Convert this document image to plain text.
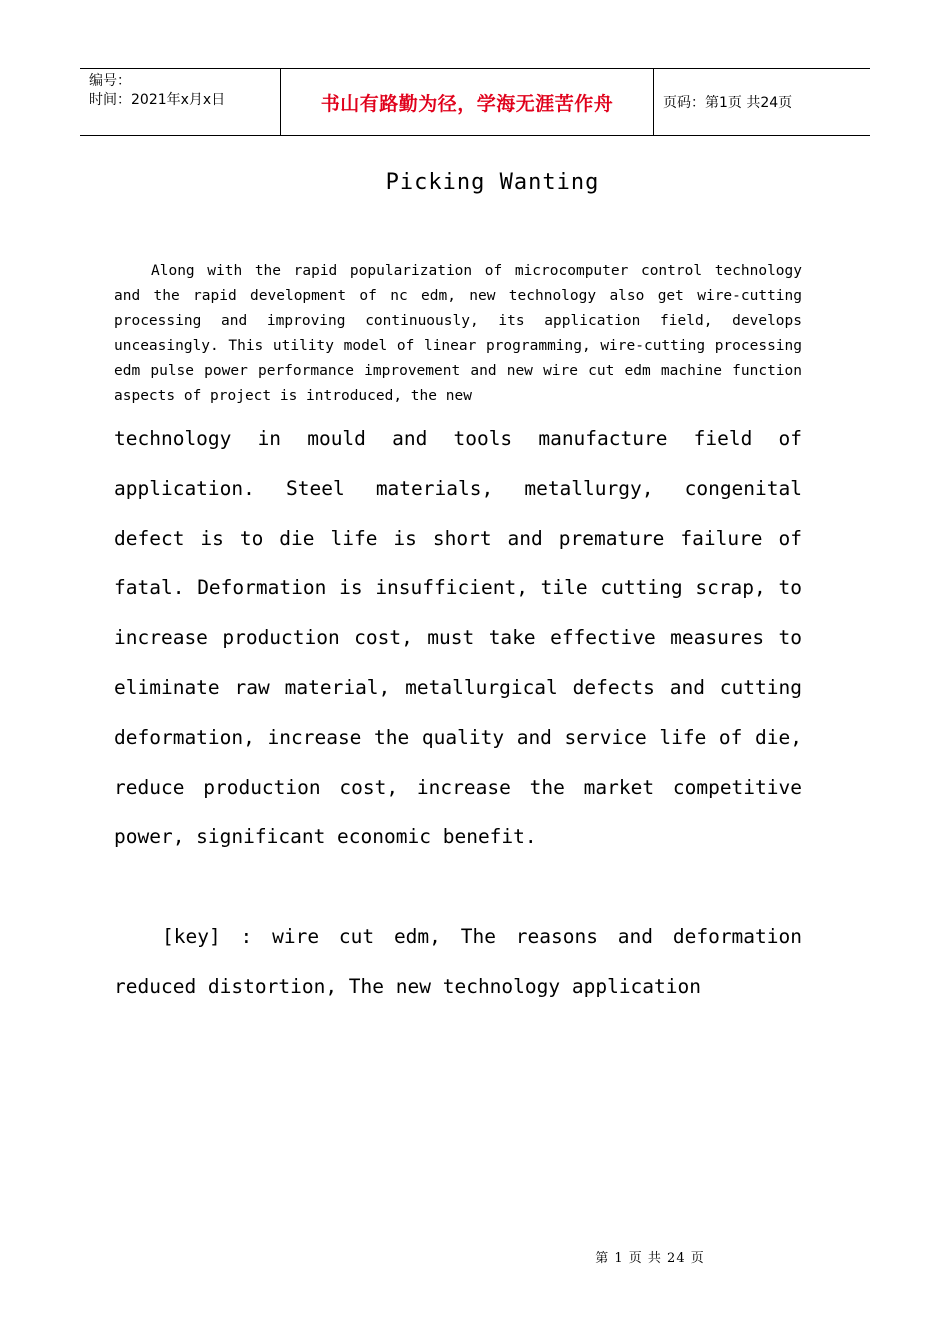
编号：
时间：2021年x月x日	书山有路勤为径，学海无涯苦作舟	页码：第1页 共24页
Picking Wanting

Along with the rapid popularization of microcomputer control technology and the rapid development of nc edm, new technology also get wire-cutting processing and improving continuously, its application field, develops unceasingly. This utility model of linear programming, wire-cutting processing edm pulse power performance improvement and new wire cut edm machine function aspects of project is introduced, the new

technology in mould and tools manufacture field of application. Steel materials, metallurgy, congenital defect is to die life is short and premature failure of fatal. Deformation is insufficient, tile cutting scrap, to increase production cost, must take effective measures to eliminate raw material, metallurgical defects and cutting deformation, increase the quality and service life of die, reduce production cost, increase the market competitive power, significant economic benefit.

[key] : wire cut edm, The reasons and deformation reduced distortion, The new technology application

第 1 页 共 24 页
